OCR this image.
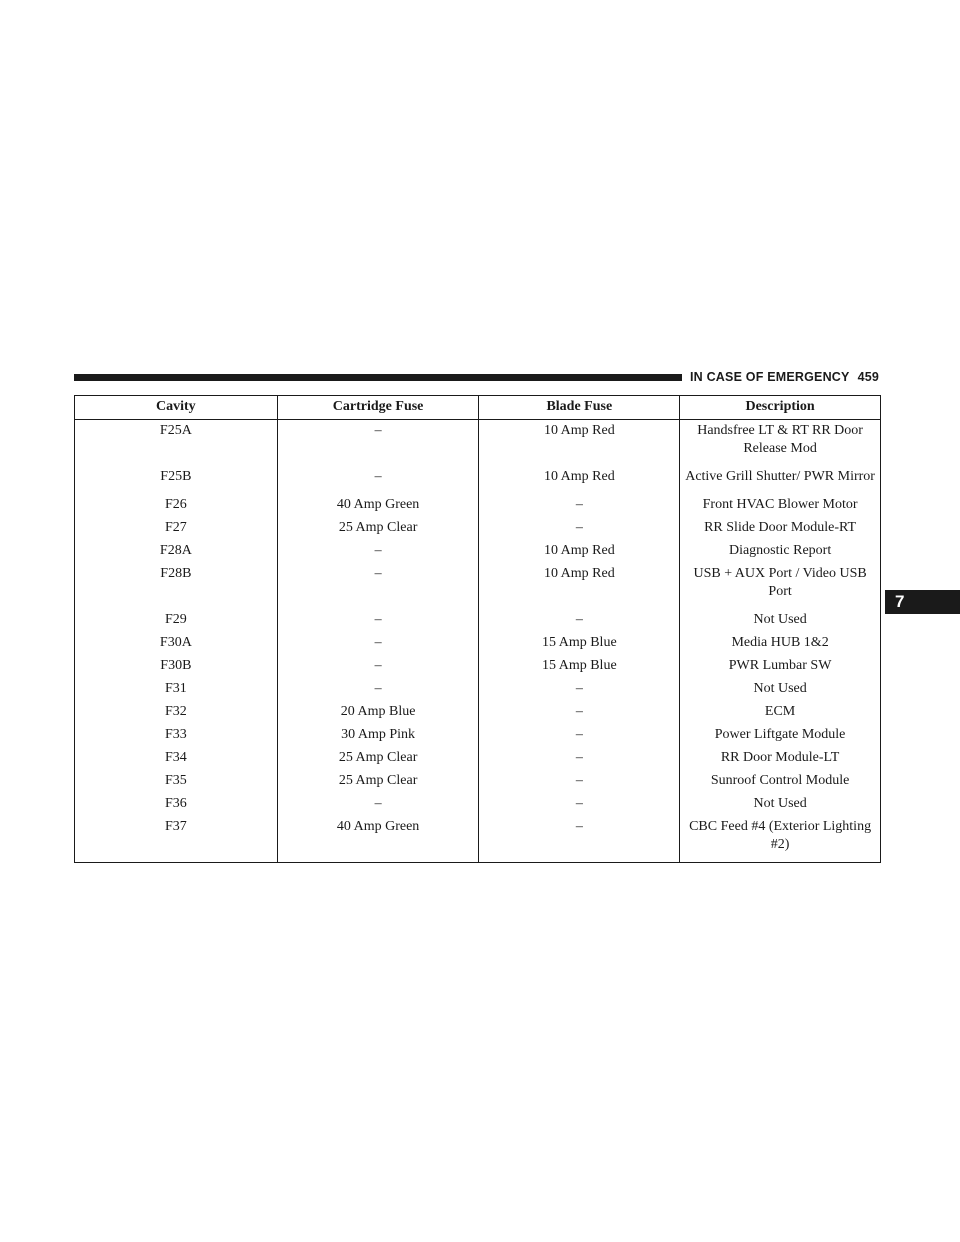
IN CASE OF EMERGENCY 459
7
Cavity	Cartridge Fuse	Blade Fuse	Description
F25A	–	10 Amp Red	Handsfree LT & RT RR Door Release Mod
F25B	–	10 Amp Red	Active Grill Shutter/ PWR Mirror
F26	40 Amp Green	–	Front HVAC Blower Motor
F27	25 Amp Clear	–	RR Slide Door Module-RT
F28A	–	10 Amp Red	Diagnostic Report
F28B	–	10 Amp Red	USB + AUX Port / Video USB Port
F29	–	–	Not Used
F30A	–	15 Amp Blue	Media HUB 1&2
F30B	–	15 Amp Blue	PWR Lumbar SW
F31	–	–	Not Used
F32	20 Amp Blue	–	ECM
F33	30 Amp Pink	–	Power Liftgate Module
F34	25 Amp Clear	–	RR Door Module-LT
F35	25 Amp Clear	–	Sunroof Control Module
F36	–	–	Not Used
F37	40 Amp Green	–	CBC Feed #4 (Exterior Lighting #2)
